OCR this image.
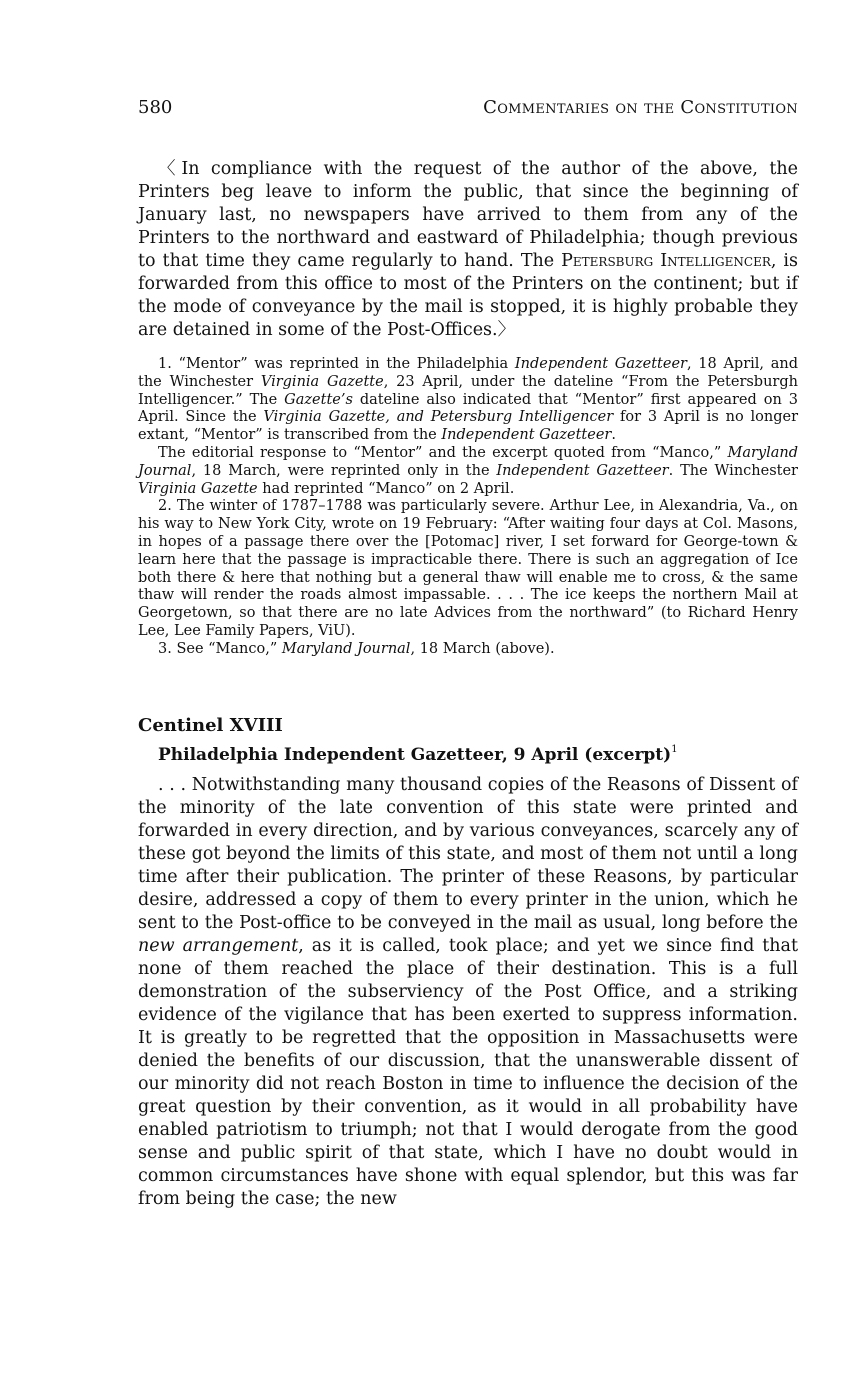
580	Commentaries on the Constitution

〈In compliance with the request of the author of the above, the Printers beg leave to inform the public, that since the beginning of January last, no newspapers have arrived to them from any of the Printers to the northward and eastward of Philadelphia; though previous to that time they came regularly to hand. The Petersburg Intelligencer, is forwarded from this office to most of the Printers on the continent; but if the mode of conveyance by the mail is stopped, it is highly probable they are detained in some of the Post-Offices.〉

1. “Mentor” was reprinted in the Philadelphia Independent Gazetteer, 18 April, and the Winchester Virginia Gazette, 23 April, under the dateline “From the Petersburgh Intelligencer.” The Gazette’s dateline also indicated that “Mentor” first appeared on 3 April. Since the Virginia Gazette, and Petersburg Intelligencer for 3 April is no longer extant, “Mentor” is transcribed from the Independent Gazetteer.

The editorial response to “Mentor” and the excerpt quoted from “Manco,” Maryland Journal, 18 March, were reprinted only in the Independent Gazetteer. The Winchester Virginia Gazette had reprinted “Manco” on 2 April.

2. The winter of 1787–1788 was particularly severe. Arthur Lee, in Alexandria, Va., on his way to New York City, wrote on 19 February: “After waiting four days at Col. Masons, in hopes of a passage there over the [Potomac] river, I set forward for George-town & learn here that the passage is impracticable there. There is such an aggregation of Ice both there & here that nothing but a general thaw will enable me to cross, & the same thaw will render the roads almost impassable. . . . The ice keeps the northern Mail at Georgetown, so that there are no late Advices from the northward” (to Richard Henry Lee, Lee Family Papers, ViU).

3. See “Manco,” Maryland Journal, 18 March (above).

Centinel XVIII
Philadelphia Independent Gazetteer, 9 April (excerpt)$^1$

. . . Notwithstanding many thousand copies of the Reasons of Dissent of the minority of the late convention of this state were printed and forwarded in every direction, and by various conveyances, scarcely any of these got beyond the limits of this state, and most of them not until a long time after their publication. The printer of these Reasons, by particular desire, addressed a copy of them to every printer in the union, which he sent to the Post-office to be conveyed in the mail as usual, long before the new arrangement, as it is called, took place; and yet we since find that none of them reached the place of their destination. This is a full demonstration of the subserviency of the Post Office, and a striking evidence of the vigilance that has been exerted to suppress information. It is greatly to be regretted that the opposition in Massachusetts were denied the benefits of our discussion, that the unanswerable dissent of our minority did not reach Boston in time to influence the decision of the great question by their convention, as it would in all probability have enabled patriotism to triumph; not that I would derogate from the good sense and public spirit of that state, which I have no doubt would in common circumstances have shone with equal splendor, but this was far from being the case; the new
